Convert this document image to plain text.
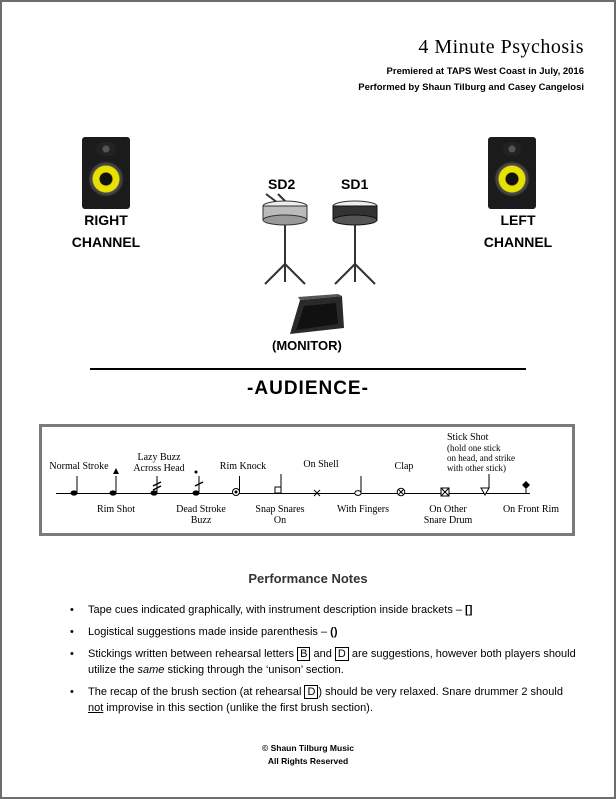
4 Minute Psychosis
Premiered at TAPS West Coast in July, 2016
Performed by Shaun Tilburg and Casey Cangelosi
RIGHT
CHANNEL
LEFT
CHANNEL
SD2	SD1
(MONITOR)
-AUDIENCE-
Normal Stroke
Lazy Buzz
Across Head	Rim Knock	On Shell	Clap
Stick Shot
(hold one stick
on head, and strike
with other stick)
Rim Shot	Dead Stroke
Buzz
Snap Snares
On
With Fingers	On Other
Snare Drum
On Front Rim
Performance Notes
• Tape cues indicated graphically, with instrument description inside brackets – []
• Logistical suggestions made inside parenthesis – ()
• Stickings written between rehearsal letters B and D are suggestions, however both players should utilize the same sticking through the ‘unison’ section.
• The recap of the brush section (at rehearsal D ) should be very relaxed. Snare drummer 2 should not improvise in this section (unlike the first brush section).
© Shaun Tilburg Music
All Rights Reserved
